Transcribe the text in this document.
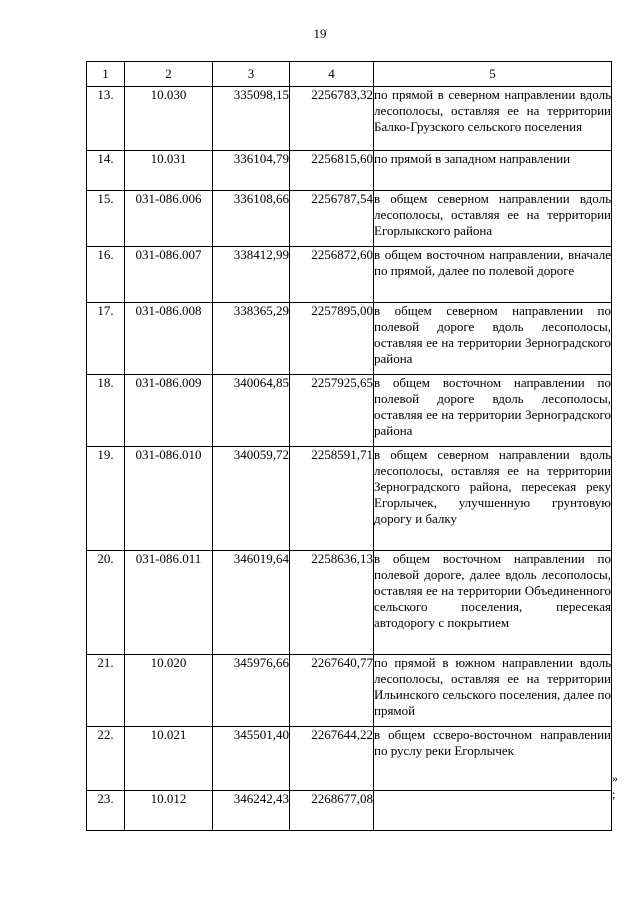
19
1	2	3	4	5
13.	10.030	335098,15	2256783,32	по прямой в северном направлении вдоль лесополосы, оставляя ее на территории Балко-Грузского сельского поселения
14.	10.031	336104,79	2256815,60	по прямой в западном направлении
15.	031-086.006	336108,66	2256787,54	в общем северном направлении вдоль лесополосы, оставляя ее на территории Егорлыкского района
16.	031-086.007	338412,99	2256872,60	в общем восточном направлении, вначале по прямой, далее по полевой дороге
17.	031-086.008	338365,29	2257895,00	в общем северном направлении по полевой дороге вдоль лесополосы, оставляя ее на территории Зерноградского района
18.	031-086.009	340064,85	2257925,65	в общем восточном направлении по полевой дороге вдоль лесополосы, оставляя ее на территории Зерноградского района
19.	031-086.010	340059,72	2258591,71	в общем северном направлении вдоль лесополосы, оставляя ее на территории Зерноградского района, пересекая реку Егорлычек, улучшенную грунтовую дорогу и балку
20.	031-086.011	346019,64	2258636,13	в общем восточном направлении по полевой дороге, далее вдоль лесополосы, оставляя ее на территории Объединенного сельского поселения, пересекая автодорогу с покрытием
21.	10.020	345976,66	2267640,77	по прямой в южном направлении вдоль лесополосы, оставляя ее на территории Ильинского сельского поселения, далее по прямой
22.	10.021	345501,40	2267644,22	в общем ссверо-восточном направлении по руслу реки Егорлычек
23.	10.012	346242,43	2268677,08	
»
;
